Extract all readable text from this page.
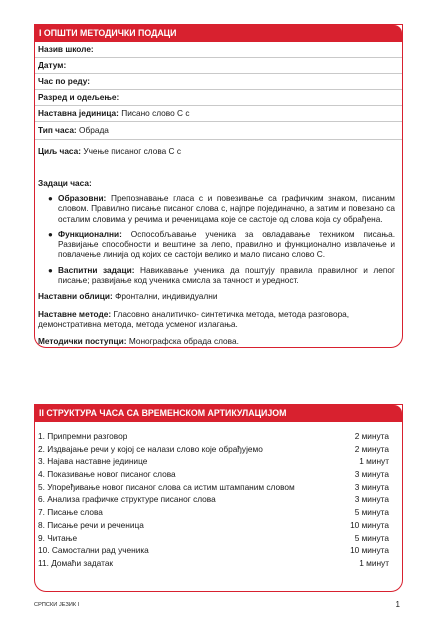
I ОПШТИ МЕТОДИЧКИ ПОДАЦИ
Назив школе:
Датум:
Час по реду:
Разред и одељење:
Наставна јединица: Писано слово С с
Тип часа: Обрада
Циљ часа: Учење писаног слова С с
Задаци часа:
● Образовни: Препознавање гласа с и повезивање са графичким знаком, писаним словом. Правилно писање писаног слова с, најпре појединачно, а затим и повезано са осталим словима у речима и реченицама које се састоје од слова која су обрађена.
● Функционални: Оспособљавање ученика за овладавање техником писања. Развијање способности и вештине за лепо, правилно и функционално извлачење и повлачење линија од којих се састоји велико и мало писано слово С.
● Васпитни задаци: Навикавање ученика да поштују правила правилног и лепог писање; развијање код ученика смисла за тачност и уредност.
Наставни облици: Фронтални, индивидуални
Наставне методе: Гласовно аналитичко- синтетичка метода, метода разговора, демонстративна метода, метода усменог излагања.
Методички поступци: Монографска обрада слова.
II СТРУКТУРА ЧАСА СА ВРЕМЕНСКОМ АРТИКУЛАЦИЈОМ
1. Припремни разговор	2 минута
2. Издвајање речи у којој се налази слово које обрађујемо	2 минута
3. Најава наставне јединице	1 минут
4. Показивање новог писаног слова	3 минута
5. Упоређивање новог писаног слова са истим штампаним словом	3 минута
6. Анализа графичке структуре писаног слова	3 минута
7. Писање слова	5 минута
8. Писање речи и реченица	10 минута
9. Читање	5 минута
10. Самостални рад ученика	10 минута
11. Домаћи задатак	1 минут
СРПСКИ ЈЕЗИК I	1
